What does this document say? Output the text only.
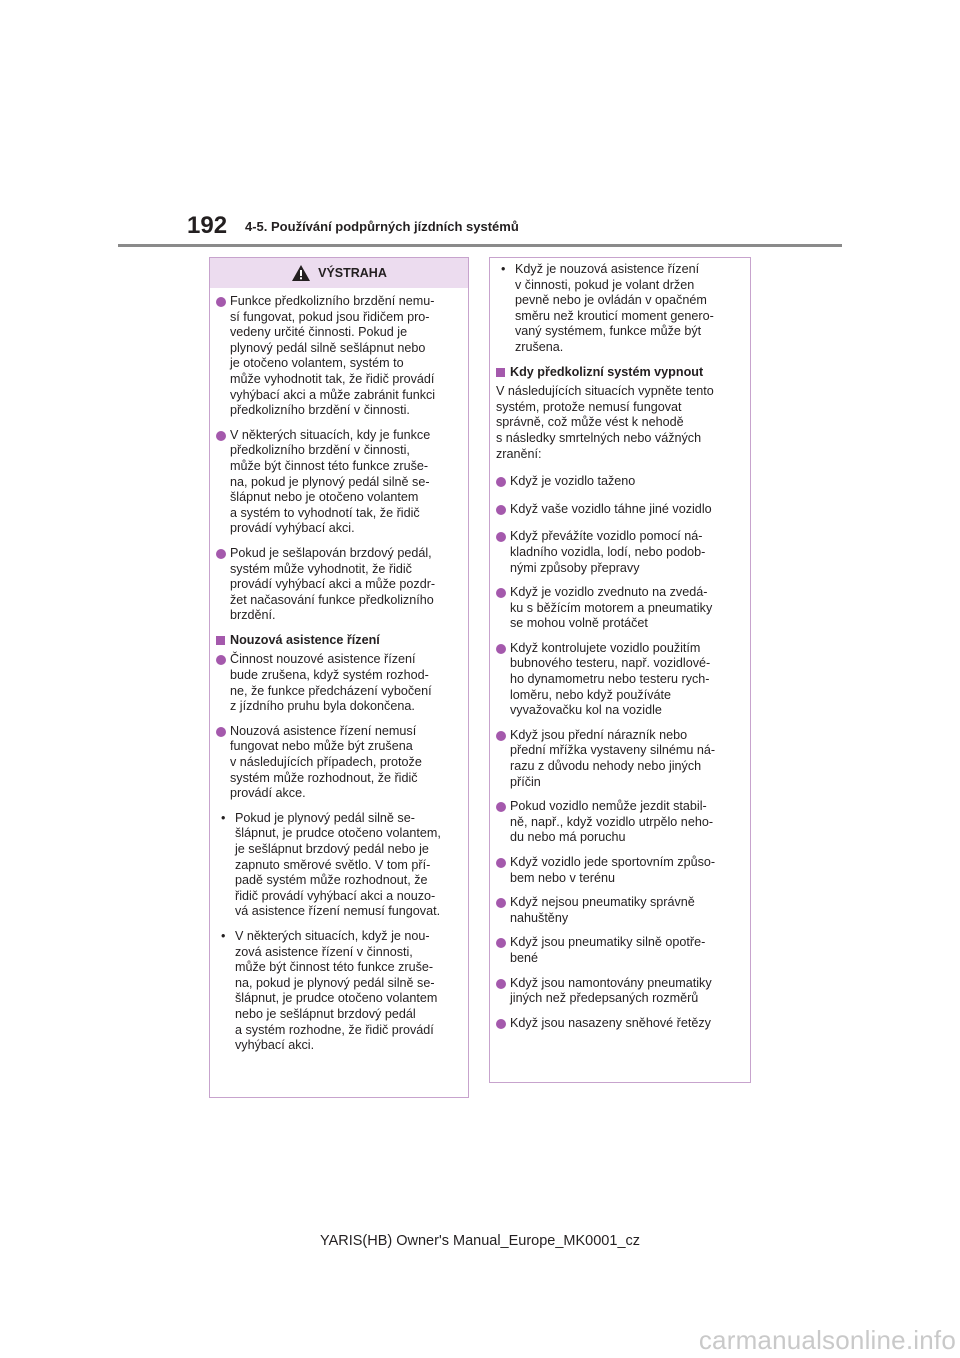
192 4-5. Používání podpůrných jízdních systémů
VÝSTRAHA
Funkce předkolizního brzdění nemu-
sí fungovat, pokud jsou řidičem pro-
vedeny určité činnosti. Pokud je
plynový pedál silně sešlápnut nebo
je otočeno volantem, systém to
může vyhodnotit tak, že řidič provádí
vyhýbací akci a může zabránit funkci
předkolizního brzdění v činnosti.
V některých situacích, kdy je funkce
předkolizního brzdění v činnosti,
může být činnost této funkce zruše-
na, pokud je plynový pedál silně se-
šlápnut nebo je otočeno volantem
a systém to vyhodnotí tak, že řidič
provádí vyhýbací akci.
Pokud je sešlapován brzdový pedál,
systém může vyhodnotit, že řidič
provádí vyhýbací akci a může pozdr-
žet načasování funkce předkolizního
brzdění.
Nouzová asistence řízení
Činnost nouzové asistence řízení
bude zrušena, když systém rozhod-
ne, že funkce předcházení vybočení
z jízdního pruhu byla dokončena.
Nouzová asistence řízení nemusí
fungovat nebo může být zrušena
v následujících případech, protože
systém může rozhodnout, že řidič
provádí akce.
• Pokud je plynový pedál silně se-
šlápnut, je prudce otočeno volantem,
je sešlápnut brzdový pedál nebo je
zapnuto směrové světlo. V tom pří-
padě systém může rozhodnout, že
řidič provádí vyhýbací akci a nouzo-
vá asistence řízení nemusí fungovat.
• V některých situacích, když je nou-
zová asistence řízení v činnosti,
může být činnost této funkce zruše-
na, pokud je plynový pedál silně se-
šlápnut, je prudce otočeno volantem
nebo je sešlápnut brzdový pedál
a systém rozhodne, že řidič provádí
vyhýbací akci.
• Když je nouzová asistence řízení
v činnosti, pokud je volant držen
pevně nebo je ovládán v opačném
směru než krouticí moment genero-
vaný systémem, funkce může být
zrušena.
Kdy předkolizní systém vypnout
V následujících situacích vypněte tento
systém, protože nemusí fungovat
správně, což může vést k nehodě
s následky smrtelných nebo vážných
zranění:
Když je vozidlo taženo
Když vaše vozidlo táhne jiné vozidlo
Když převážíte vozidlo pomocí ná-
kladního vozidla, lodí, nebo podob-
nými způsoby přepravy
Když je vozidlo zvednuto na zvedá-
ku s běžícím motorem a pneumatiky
se mohou volně protáčet
Když kontrolujete vozidlo použitím
bubnového testeru, např. vozidlové-
ho dynamometru nebo testeru rych-
loměru, nebo když používáte
vyvažovačku kol na vozidle
Když jsou přední nárazník nebo
přední mřížka vystaveny silnému ná-
razu z důvodu nehody nebo jiných
příčin
Pokud vozidlo nemůže jezdit stabil-
ně, např., když vozidlo utrpělo neho-
du nebo má poruchu
Když vozidlo jede sportovním způso-
bem nebo v terénu
Když nejsou pneumatiky správně
nahuštěny
Když jsou pneumatiky silně opotře-
bené
Když jsou namontovány pneumatiky
jiných než předepsaných rozměrů
Když jsou nasazeny sněhové řetězy
YARIS(HB) Owner's Manual_Europe_MK0001_cz
carmanualsonline.info
